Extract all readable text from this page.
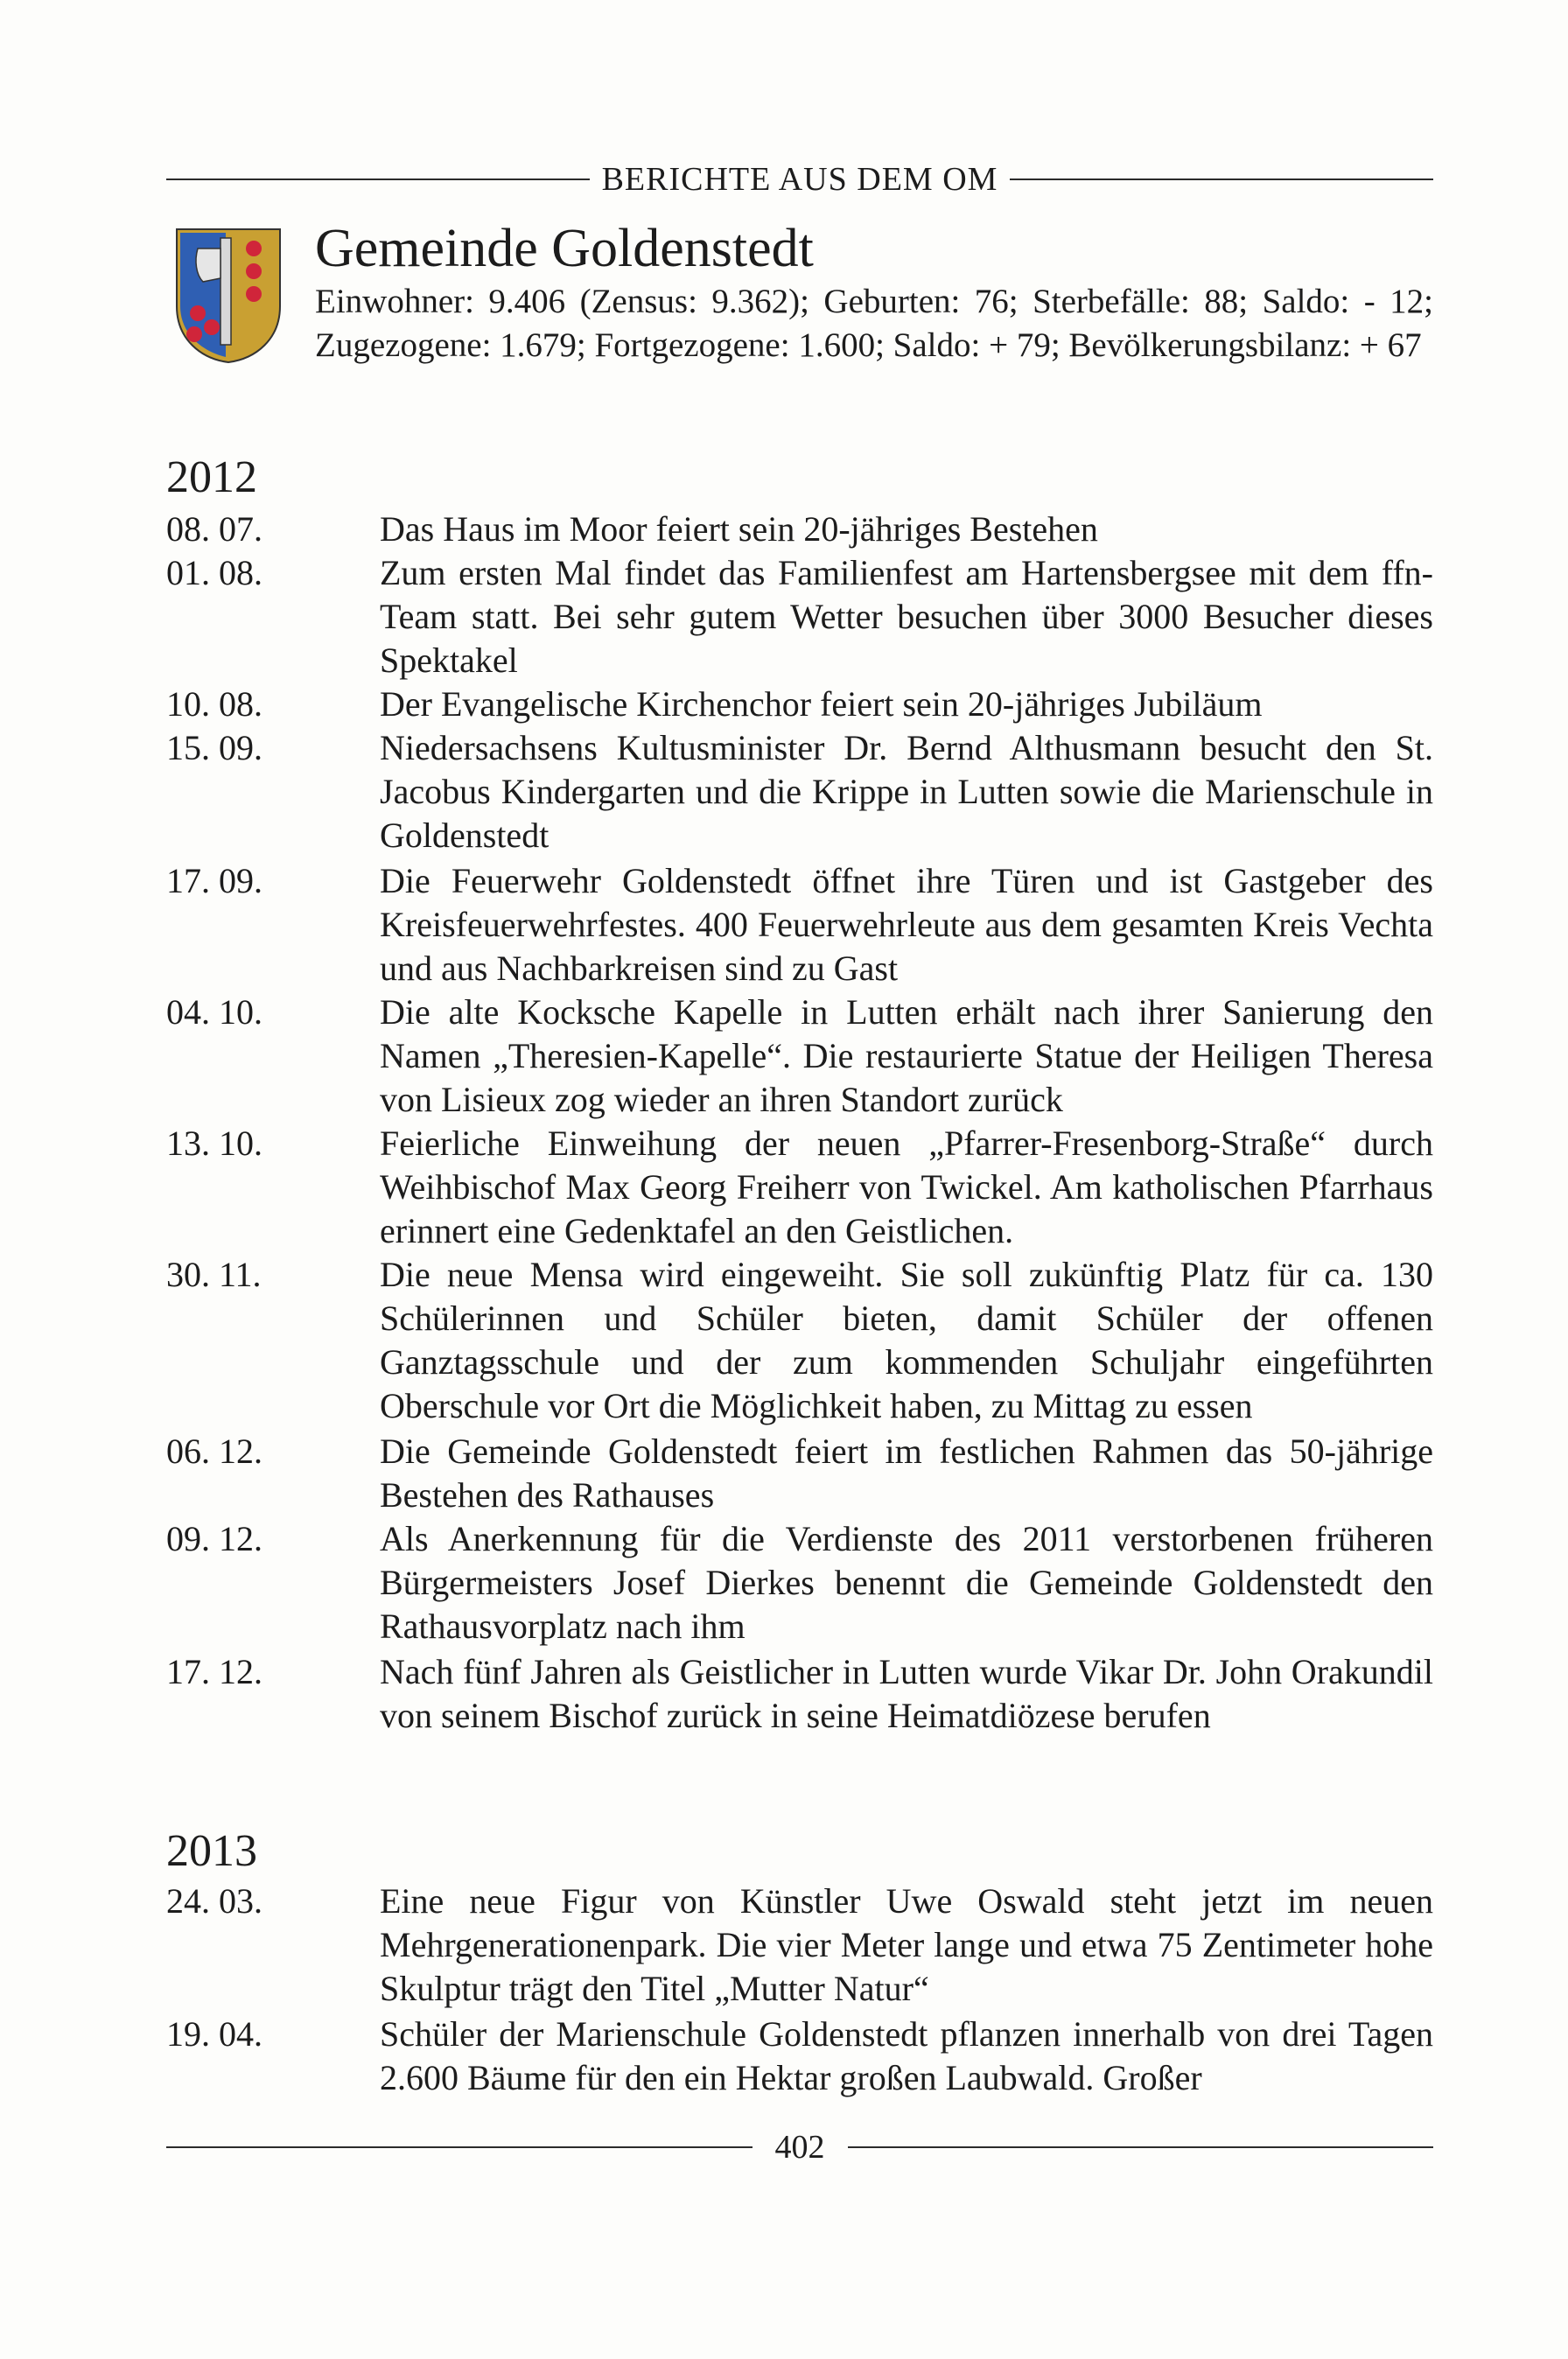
BERICHTE AUS DEM OM
Gemeinde Goldenstedt
Einwohner: 9.406 (Zensus: 9.362); Geburten: 76; Sterbefälle: 88; Saldo: - 12; Zugezogene: 1.679; Fortgezogene: 1.600; Saldo: + 79; Bevölkerungsbilanz: + 67
2012
08. 07.	Das Haus im Moor feiert sein 20-jähriges Bestehen
01. 08.	Zum ersten Mal findet das Familienfest am Hartensbergsee mit dem ffn-Team statt. Bei sehr gutem Wetter besuchen über 3000 Besucher dieses Spektakel
10. 08.	Der Evangelische Kirchenchor feiert sein 20-jähriges Jubiläum
15. 09.	Niedersachsens Kultusminister Dr. Bernd Althusmann besucht den St. Jacobus Kindergarten und die Krippe in Lutten sowie die Marienschule in Goldenstedt
17. 09.	Die Feuerwehr Goldenstedt öffnet ihre Türen und ist Gastgeber des Kreisfeuerwehrfestes. 400 Feuerwehrleute aus dem gesamten Kreis Vechta und aus Nachbarkreisen sind zu Gast
04. 10.	Die alte Kocksche Kapelle in Lutten erhält nach ihrer Sanierung den Namen „Theresien-Kapelle“. Die restaurierte Statue der Heiligen Theresa von Lisieux zog wieder an ihren Standort zurück
13. 10.	Feierliche Einweihung der neuen „Pfarrer-Fresenborg-Straße“ durch Weihbischof Max Georg Freiherr von Twickel. Am katholischen Pfarrhaus erinnert eine Gedenktafel an den Geistlichen.
30. 11.	Die neue Mensa wird eingeweiht. Sie soll zukünftig Platz für ca. 130 Schülerinnen und Schüler bieten, damit Schüler der offenen Ganztagsschule und der zum kommenden Schuljahr eingeführten Oberschule vor Ort die Möglichkeit haben, zu Mittag zu essen
06. 12.	Die Gemeinde Goldenstedt feiert im festlichen Rahmen das 50-jährige Bestehen des Rathauses
09. 12.	Als Anerkennung für die Verdienste des 2011 verstorbenen früheren Bürgermeisters Josef Dierkes benennt die Gemeinde Goldenstedt den Rathausvorplatz nach ihm
17. 12.	Nach fünf Jahren als Geistlicher in Lutten wurde Vikar Dr. John Orakundil von seinem Bischof zurück in seine Heimatdiözese berufen
2013
24. 03.	Eine neue Figur von Künstler Uwe Oswald steht jetzt im neuen Mehrgenerationenpark. Die vier Meter lange und etwa 75 Zentimeter hohe Skulptur trägt den Titel „Mutter Natur“
19. 04.	Schüler der Marienschule Goldenstedt pflanzen innerhalb von drei Tagen 2.600 Bäume für den ein Hektar großen Laubwald. Großer
402
